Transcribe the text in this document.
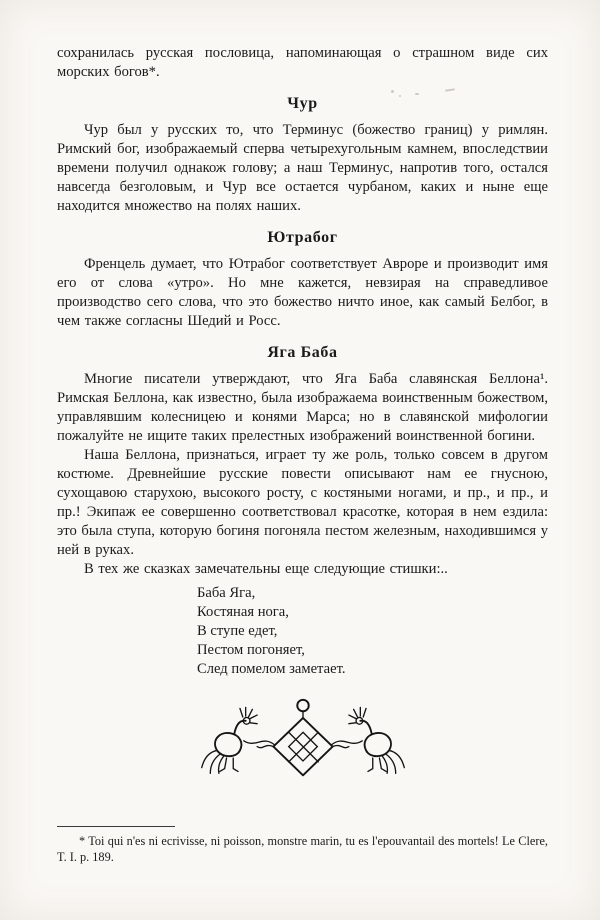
сохранилась русская пословица, напоминающая о страшном виде сих морских богов*.

Чур

Чур был у русских то, что Терминус (божество границ) у римлян. Римский бог, изображаемый сперва четырехугольным камнем, впоследствии времени получил однакож голову; а наш Терминус, напротив того, остался навсегда безголовым, и Чур все остается чурбаном, каких и ныне еще находится множество на полях наших.

Ютрабог

Френцель думает, что Ютрабог соответствует Авроре и производит имя его от слова «утро». Но мне кажется, невзирая на справедливое производство сего слова, что это божество ничто иное, как самый Белбог, в чем также согласны Шедий и Росс.

Яга Баба

Многие писатели утверждают, что Яга Баба славянская Беллона¹. Римская Беллона, как известно, была изображаема воинственным божеством, управлявшим колесницею и конями Марса; но в славянской мифологии пожалуйте не ищите таких прелестных изображений воинственной богини.

Наша Беллона, признаться, играет ту же роль, только совсем в другом костюме. Древнейшие русские повести описывают нам ее гнусною, сухощавою старухою, высокого росту, с костяными ногами, и пр., и пр., и пр.! Экипаж ее совершенно соответствовал красотке, которая в нем ездила: это была ступа, которую богиня погоняла пестом железным, находившимся у ней в руках.

В тех же сказках замечательны еще следующие стишки:..

Баба Яга,
Костяная нога,
В ступе едет,
Пестом погоняет,
След помелом заметает.

* Toi qui n'es ni ecrivisse, ni poisson, monstre marin, tu es l'epouvantail des mortels! Le Clere, T. I. p. 189.
